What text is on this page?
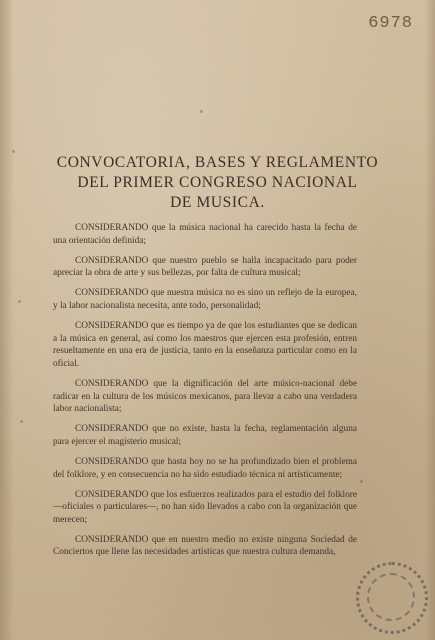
6978
CONVOCATORIA, BASES Y REGLAMENTO
DEL PRIMER CONGRESO NACIONAL
DE MUSICA.

CONSIDERANDO que la música nacional ha carecido hasta la fecha de una orientación definida;

CONSIDERANDO que nuestro pueblo se halla incapacitado para poder apreciar la obra de arte y sus bellezas, por falta de cultura musical;

CONSIDERANDO que nuestra música no es sino un reflejo de la europea, y la labor nacionalista necesita, ante todo, personalidad;

CONSIDERANDO que es tiempo ya de que los estudiantes que se dedican a la música en general, así como los maestros que ejercen esta profesión, entren resueltamente en una era de justicia, tanto en la enseñanza particular como en la oficial.

CONSIDERANDO que la dignificación del arte músico-nacional debe radicar en la cultura de los músicos mexicanos, para llevar a cabo una verdadera labor nacionalista;

CONSIDERANDO que no existe, hasta la fecha, reglamentación alguna para ejercer el magisterio musical;

CONSIDERANDO que hasta hoy no se ha profundizado bien el problema del folklore, y en consecuencia no ha sido estudiado técnica ni artísticamente;

CONSIDERANDO que los esfuerzos realizados para el estudio del folklore —oficiales o particulares—, no han sido llevados a cabo con la organización que merecen;

CONSIDERANDO que en nuestro medio no existe ninguna Sociedad de Conciertos que llene las necesidades artísticas que nuestra cultura demanda,
